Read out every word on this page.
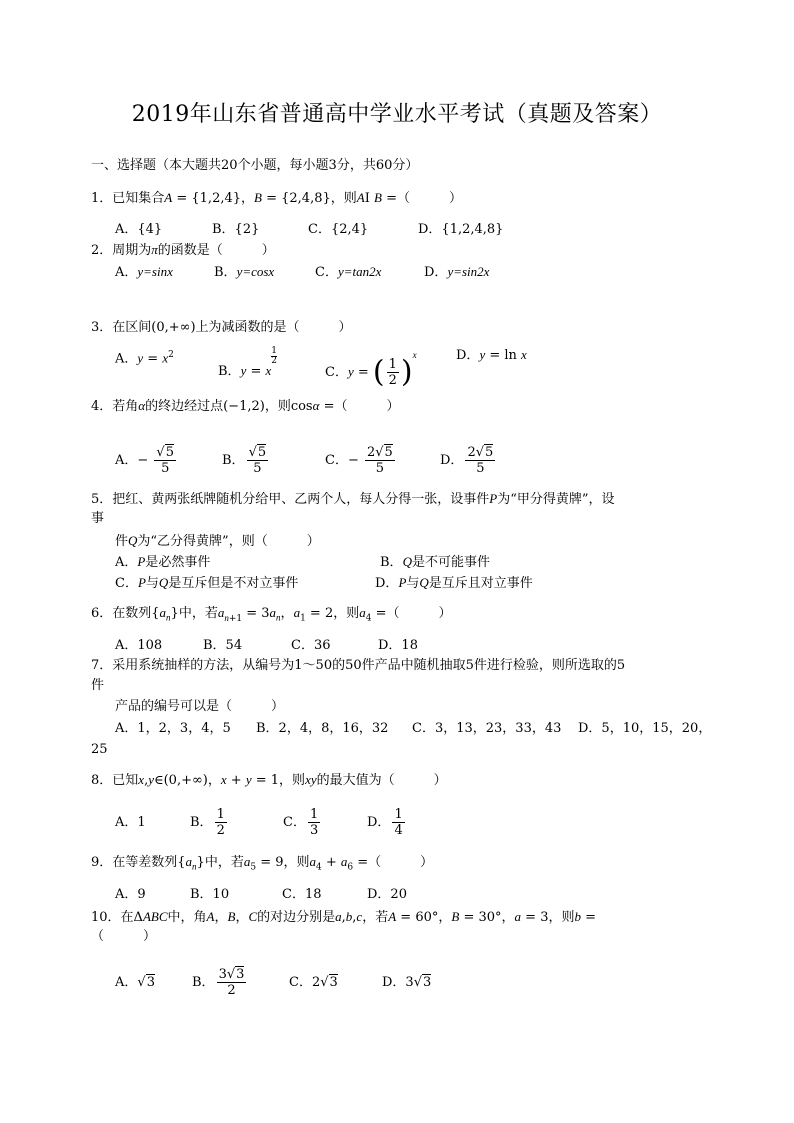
2019年山东省普通高中学业水平考试（真题及答案）
一、选择题（本大题共20个小题，每小题3分，共60分）
1．已知集合A = {1,2,4}，B = {2,4,8}，则AI B =（　　　）
A．{4}	B．{2}	C．{2,4}	D．{1,2,4,8}
2．周期为π的函数是（　　　）
A．y=sinx	B．y=cosx	C．y=tan2x	D．y=sin2x
3．在区间(0,+∞)上为减函数的是（　　　）
A．$y = x^2$
B．y = x
$^{\frac{1}{2}}$
C．y = ( $\frac{1}{2} )^x$	D．y = ln x
4．若角α的终边经过点(−1,2)，则cosα =（　　　）
A．− $\frac{√5}{5}$	B． $\frac{√5}{5}$	C．− $\frac{2√5}{5}$	D． $\frac{2√5}{5}$
5．把红、黄两张纸牌随机分给甲、乙两个人，每人分得一张，设事件P为“甲分得黄牌”，设
事
件Q为“乙分得黄牌”，则（　　　）
A．P是必然事件	B．Q是不可能事件
C．P与Q是互斥但是不对立事件	D．P与Q是互斥且对立事件
6．在数列$\{a_n\}$中，若$a_{n+1} = 3a_n$，$a_1 = 2$，则$a_4$ =（　　　）
A．108	B．54	C．36	D．18
7．采用系统抽样的方法，从编号为1～50的50件产品中随机抽取5件进行检验，则所选取的5
件
产品的编号可以是（　　　）
A．1，2，3，4，5 B．2，4，8，16，32 C．3，13，23，33，43 D．5，10，15，20，
25
8．已知x,y∈(0,+∞)，x + y = 1，则xy的最大值为（　　　）
A．1	B． $\frac{1}{2}$	C． $\frac{1}{3}$	D． $\frac{1}{4}$
9．在等差数列$\{a_n\}$中，若$a_5 = 9$，则$a_4 + a_6$ =（　　　）
A．9	B．10	C．18	D．20
10．在ΔABC中，角A，B，C的对边分别是a,b,c，若A = 60°，B = 30°，a = 3，则b =
（　　　）
A．√3	B． $\frac{3√3}{2}$	C．2√3	D．3√3
